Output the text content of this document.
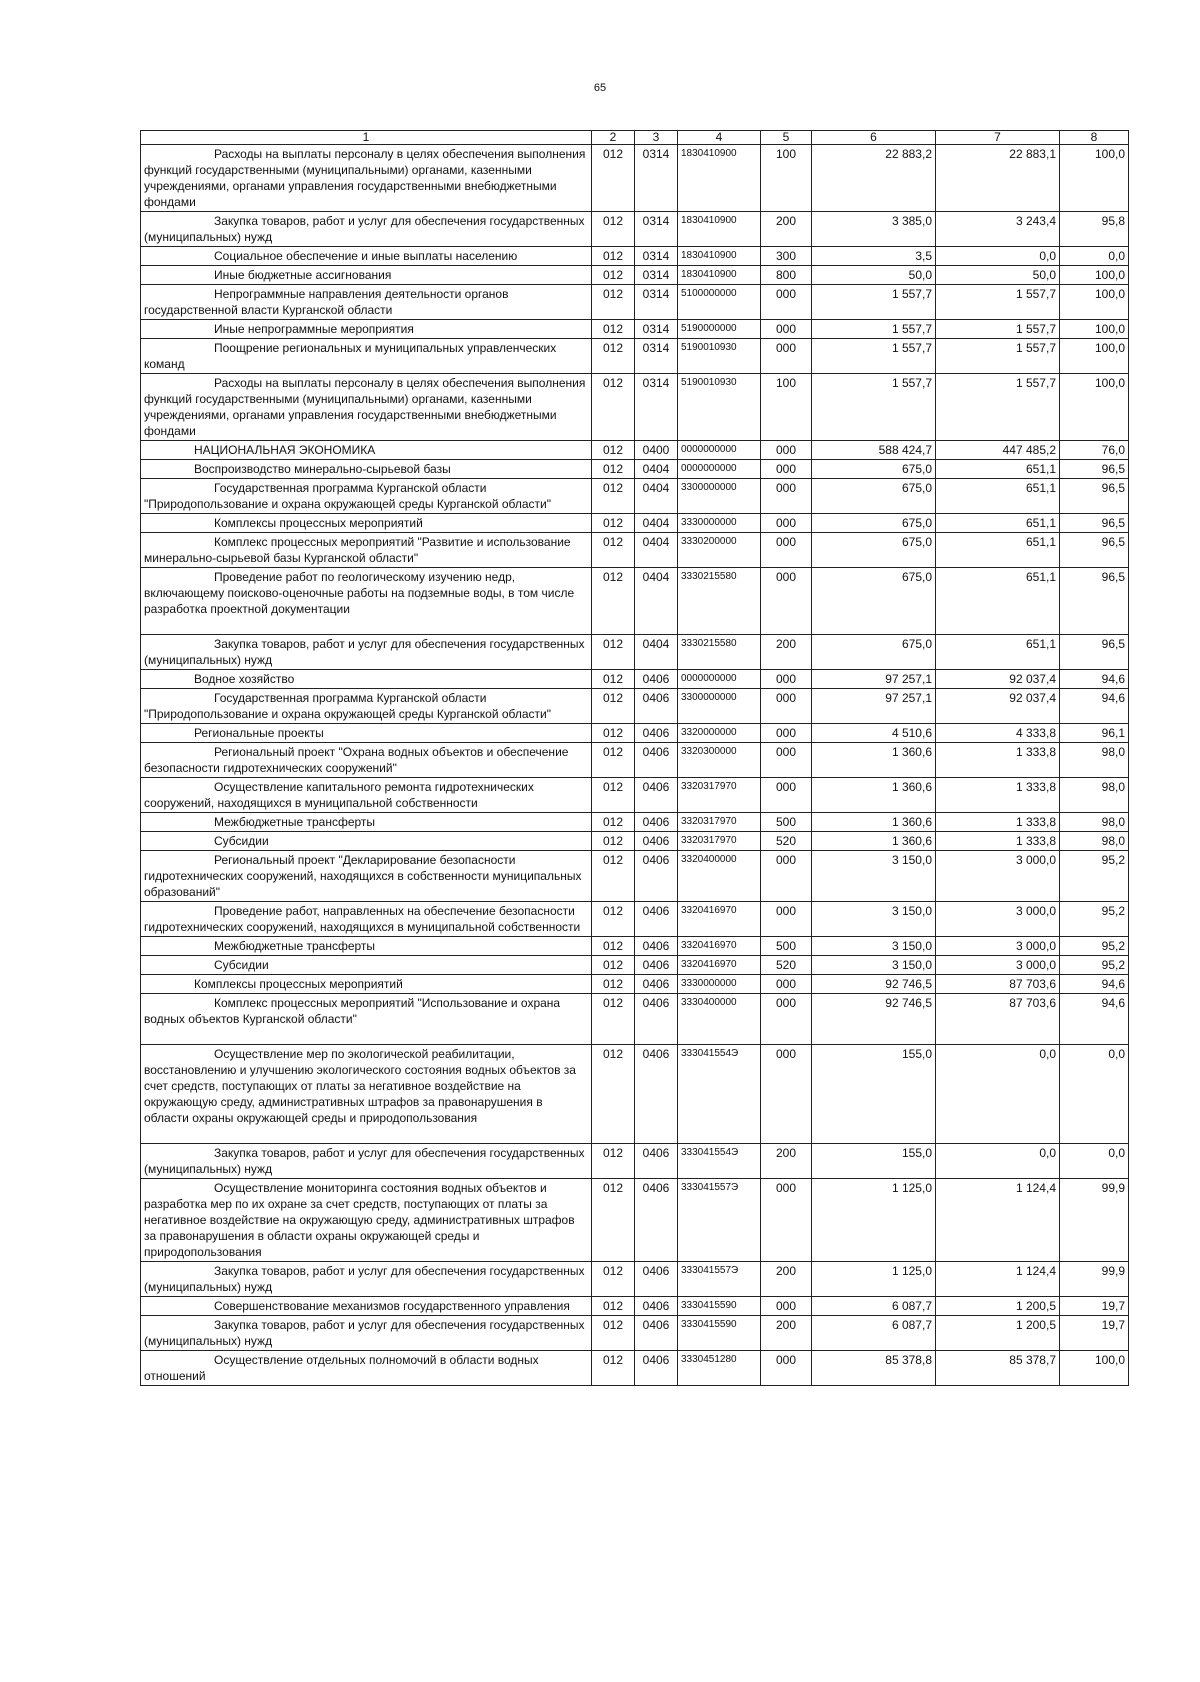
65
1	2	3	4	5	6	7	8

Расходы на выплаты персоналу в целях обеспечения выполнения функций государственными (муниципальными) органами, казенными учреждениями, органами управления государственными внебюджетными фондами	012	0314	1830410900	100	22 883,2	22 883,1	100,0

Закупка товаров, работ и услуг для обеспечения государственных (муниципальных) нужд	012	0314	1830410900	200	3 385,0	3 243,4	95,8

Социальное обеспечение и иные выплаты населению	012	0314	1830410900	300	3,5	0,0	0,0

Иные бюджетные ассигнования	012	0314	1830410900	800	50,0	50,0	100,0

Непрограммные направления деятельности органов государственной власти Курганской области	012	0314	5100000000	000	1 557,7	1 557,7	100,0

Иные непрограммные мероприятия	012	0314	5190000000	000	1 557,7	1 557,7	100,0

Поощрение региональных и муниципальных управленческих команд	012	0314	5190010930	000	1 557,7	1 557,7	100,0

Расходы на выплаты персоналу в целях обеспечения выполнения функций государственными (муниципальными) органами, казенными учреждениями, органами управления государственными внебюджетными фондами	012	0314	5190010930	100	1 557,7	1 557,7	100,0

НАЦИОНАЛЬНАЯ ЭКОНОМИКА	012	0400	0000000000	000	588 424,7	447 485,2	76,0

Воспроизводство минерально-сырьевой базы	012	0404	0000000000	000	675,0	651,1	96,5

Государственная программа Курганской области "Природопользование и охрана окружающей среды Курганской области"	012	0404	3300000000	000	675,0	651,1	96,5

Комплексы процессных мероприятий	012	0404	3330000000	000	675,0	651,1	96,5

Комплекс процессных мероприятий "Развитие и использование минерально-сырьевой базы Курганской области"	012	0404	3330200000	000	675,0	651,1	96,5

Проведение работ по геологическому изучению недр, включающему поисково-оценочные работы на подземные воды, в том числе разработка проектной документации	012	0404	3330215580	000	675,0	651,1	96,5

Закупка товаров, работ и услуг для обеспечения государственных (муниципальных) нужд	012	0404	3330215580	200	675,0	651,1	96,5

Водное хозяйство	012	0406	0000000000	000	97 257,1	92 037,4	94,6

Государственная программа Курганской области "Природопользование и охрана окружающей среды Курганской области"	012	0406	3300000000	000	97 257,1	92 037,4	94,6

Региональные проекты	012	0406	3320000000	000	4 510,6	4 333,8	96,1

Региональный проект "Охрана водных объектов и обеспечение безопасности гидротехнических сооружений"	012	0406	3320300000	000	1 360,6	1 333,8	98,0

Осуществление капитального ремонта гидротехнических сооружений, находящихся в муниципальной собственности	012	0406	3320317970	000	1 360,6	1 333,8	98,0

Межбюджетные трансферты	012	0406	3320317970	500	1 360,6	1 333,8	98,0

Субсидии	012	0406	3320317970	520	1 360,6	1 333,8	98,0

Региональный проект "Декларирование безопасности гидротехнических сооружений, находящихся в собственности муниципальных образований"	012	0406	3320400000	000	3 150,0	3 000,0	95,2

Проведение работ, направленных на обеспечение безопасности гидротехнических сооружений, находящихся в муниципальной собственности	012	0406	3320416970	000	3 150,0	3 000,0	95,2

Межбюджетные трансферты	012	0406	3320416970	500	3 150,0	3 000,0	95,2

Субсидии	012	0406	3320416970	520	3 150,0	3 000,0	95,2

Комплексы процессных мероприятий	012	0406	3330000000	000	92 746,5	87 703,6	94,6

Комплекс процессных мероприятий "Использование и охрана водных объектов Курганской области"	012	0406	3330400000	000	92 746,5	87 703,6	94,6

Осуществление мер по экологической реабилитации, восстановлению и улучшению экологического состояния водных объектов за счет средств, поступающих от платы за негативное воздействие на окружающую среду, административных штрафов за правонарушения в области охраны окружающей среды и природопользования	012	0406	333041554Э	000	155,0	0,0	0,0

Закупка товаров, работ и услуг для обеспечения государственных (муниципальных) нужд	012	0406	333041554Э	200	155,0	0,0	0,0

Осуществление мониторинга состояния водных объектов и разработка мер по их охране за счет средств, поступающих от платы за негативное воздействие на окружающую среду, административных штрафов за правонарушения в области охраны окружающей среды и природопользования	012	0406	333041557Э	000	1 125,0	1 124,4	99,9

Закупка товаров, работ и услуг для обеспечения государственных (муниципальных) нужд	012	0406	333041557Э	200	1 125,0	1 124,4	99,9

Совершенствование механизмов государственного управления	012	0406	3330415590	000	6 087,7	1 200,5	19,7

Закупка товаров, работ и услуг для обеспечения государственных (муниципальных) нужд	012	0406	3330415590	200	6 087,7	1 200,5	19,7

Осуществление отдельных полномочий в области водных отношений	012	0406	3330451280	000	85 378,8	85 378,7	100,0
